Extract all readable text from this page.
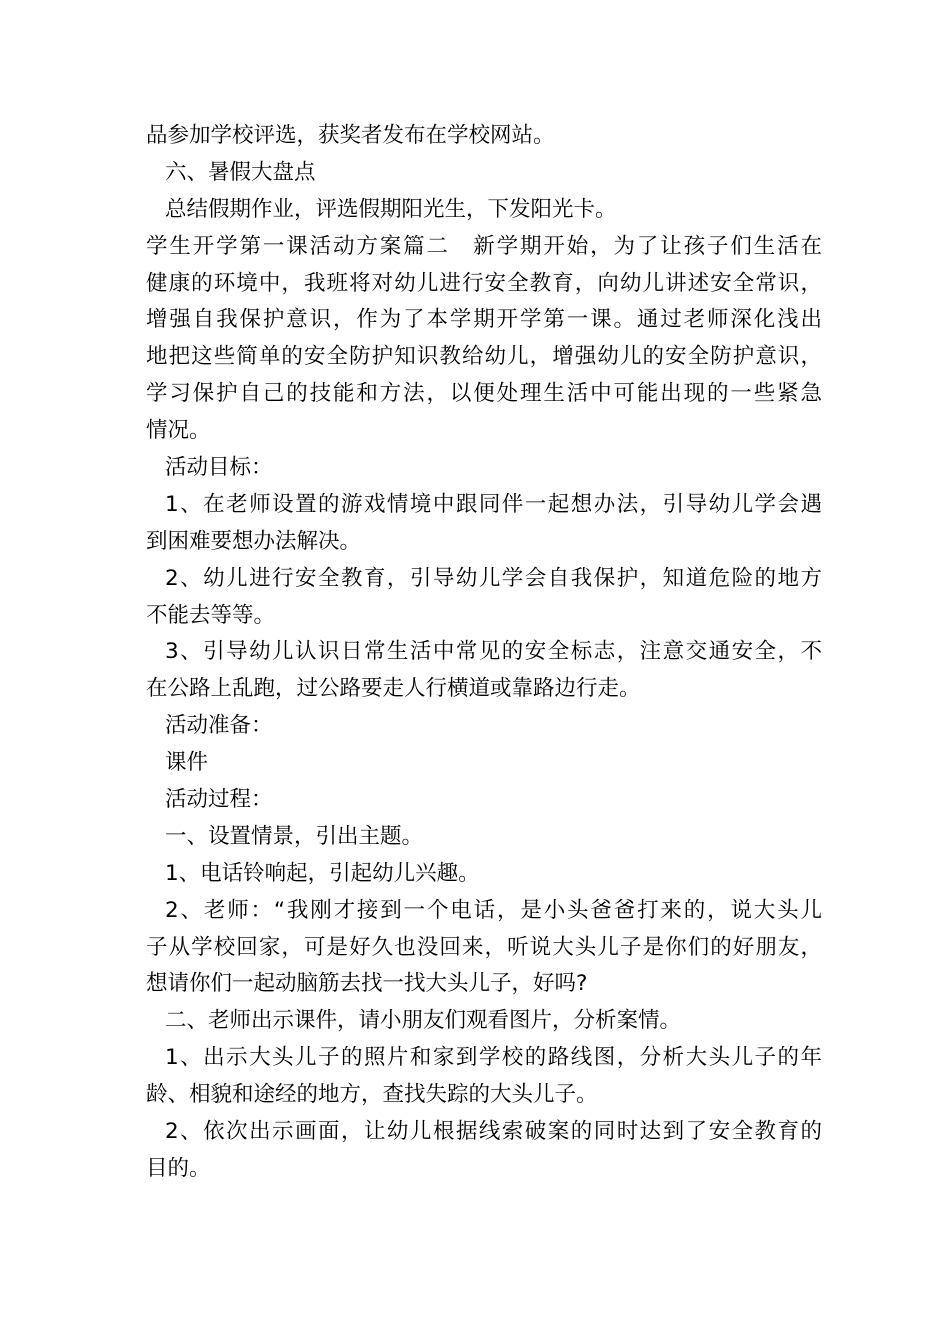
品参加学校评选，获奖者发布在学校网站。
六、暑假大盘点
总结假期作业，评选假期阳光生，下发阳光卡。
学生开学第一课活动方案篇二　新学期开始，为了让孩子们生活在
健康的环境中，我班将对幼儿进行安全教育，向幼儿讲述安全常识，
增强自我保护意识，作为了本学期开学第一课。通过老师深化浅出
地把这些简单的安全防护知识教给幼儿，增强幼儿的安全防护意识，
学习保护自己的技能和方法，以便处理生活中可能出现的一些紧急
情况。
活动目标：
1、在老师设置的游戏情境中跟同伴一起想办法，引导幼儿学会遇
到困难要想办法解决。
2、幼儿进行安全教育，引导幼儿学会自我保护，知道危险的地方
不能去等等。
3、引导幼儿认识日常生活中常见的安全标志，注意交通安全，不
在公路上乱跑，过公路要走人行横道或靠路边行走。
活动准备：
课件
活动过程：
一、设置情景，引出主题。
1、电话铃响起，引起幼儿兴趣。
2、老师：“我刚才接到一个电话，是小头爸爸打来的，说大头儿
子从学校回家，可是好久也没回来，听说大头儿子是你们的好朋友，
想请你们一起动脑筋去找一找大头儿子，好吗?
二、老师出示课件，请小朋友们观看图片，分析案情。
1、出示大头儿子的照片和家到学校的路线图，分析大头儿子的年
龄、相貌和途经的地方，查找失踪的大头儿子。
2、依次出示画面，让幼儿根据线索破案的同时达到了安全教育的
目的。
